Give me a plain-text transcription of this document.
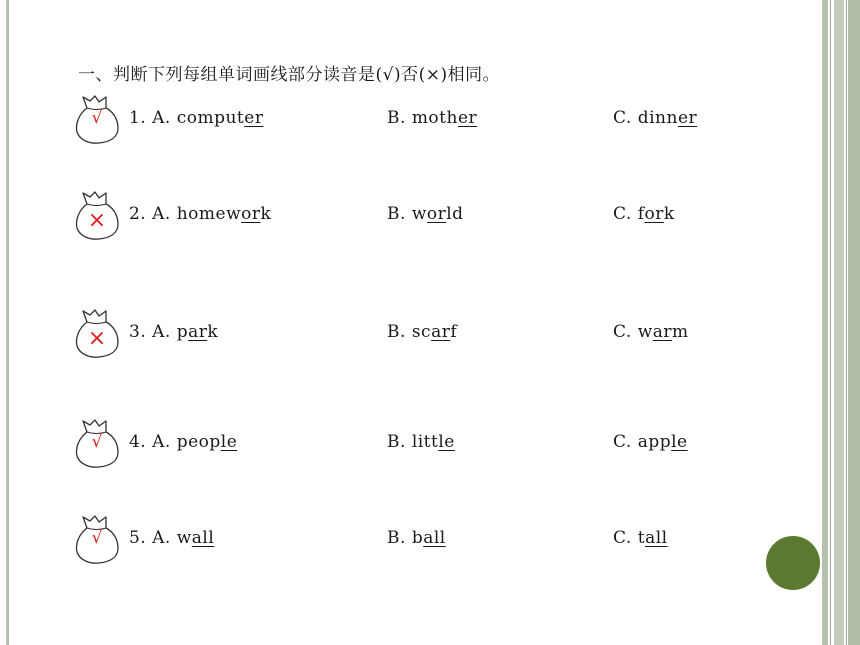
一、判断下列每组单词画线部分读音是(√)否(×)相同。
√	1. A. computer	B. mother	C. dinner
×	2. A. homework	B. world	C. fork
×	3. A. park	B. scarf	C. warm
√	4. A. people	B. little	C. apple
√	5. A. wall	B. ball	C. tall
